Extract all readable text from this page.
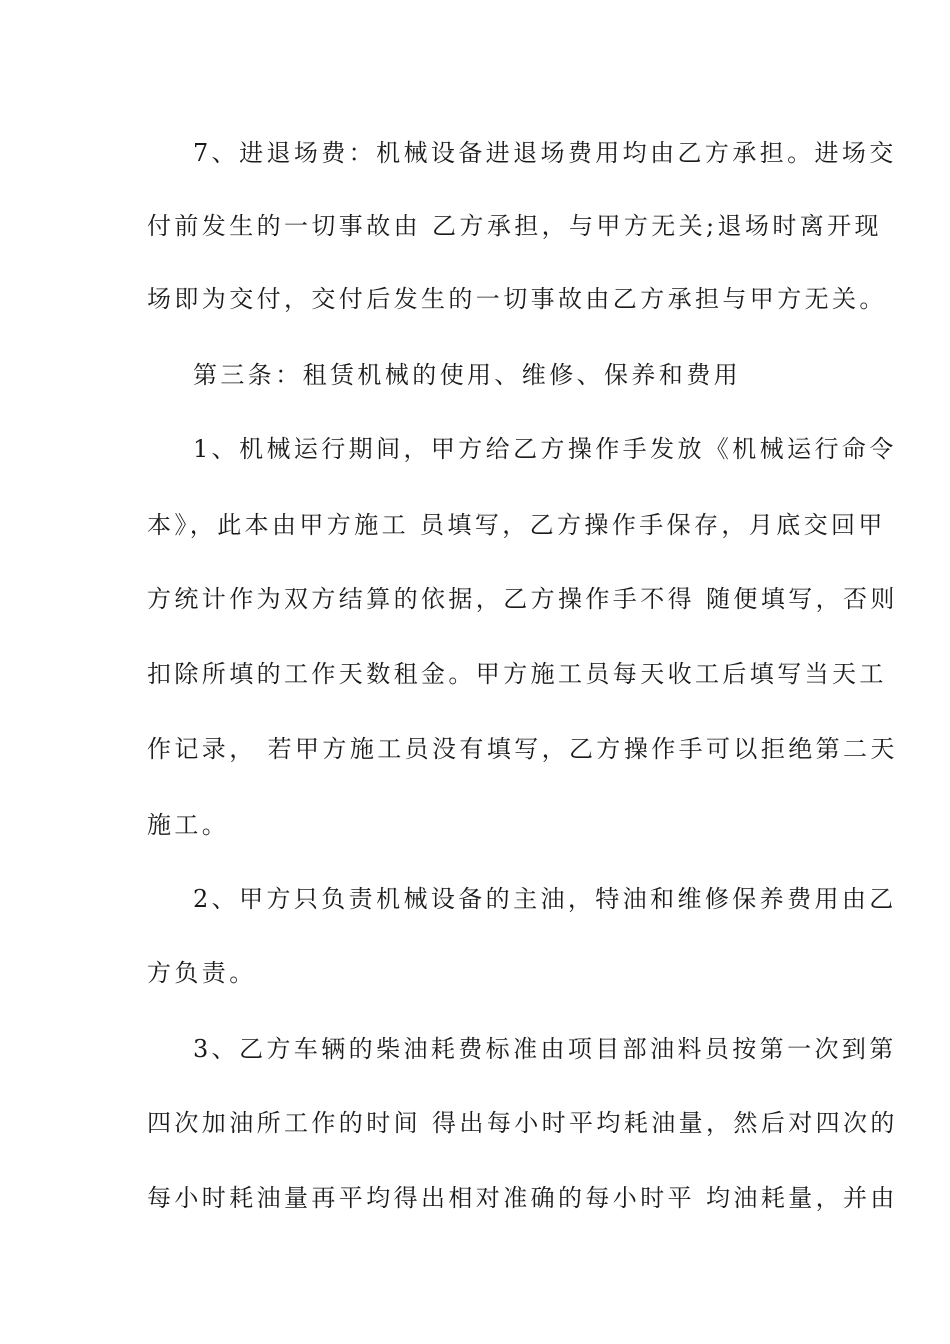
7、进退场费：机械设备进退场费用均由乙方承担。进场交
付前发生的一切事故由 乙方承担，与甲方无关;退场时离开现
场即为交付，交付后发生的一切事故由乙方承担与甲方无关。
第三条：租赁机械的使用、维修、保养和费用
1、机械运行期间，甲方给乙方操作手发放《机械运行命令
本》，此本由甲方施工 员填写，乙方操作手保存，月底交回甲
方统计作为双方结算的依据，乙方操作手不得 随便填写，否则
扣除所填的工作天数租金。甲方施工员每天收工后填写当天工
作记录， 若甲方施工员没有填写，乙方操作手可以拒绝第二天
施工。
2、甲方只负责机械设备的主油，特油和维修保养费用由乙
方负责。
3、乙方车辆的柴油耗费标准由项目部油料员按第一次到第
四次加油所工作的时间 得出每小时平均耗油量，然后对四次的
每小时耗油量再平均得出相对准确的每小时平 均油耗量，并由
